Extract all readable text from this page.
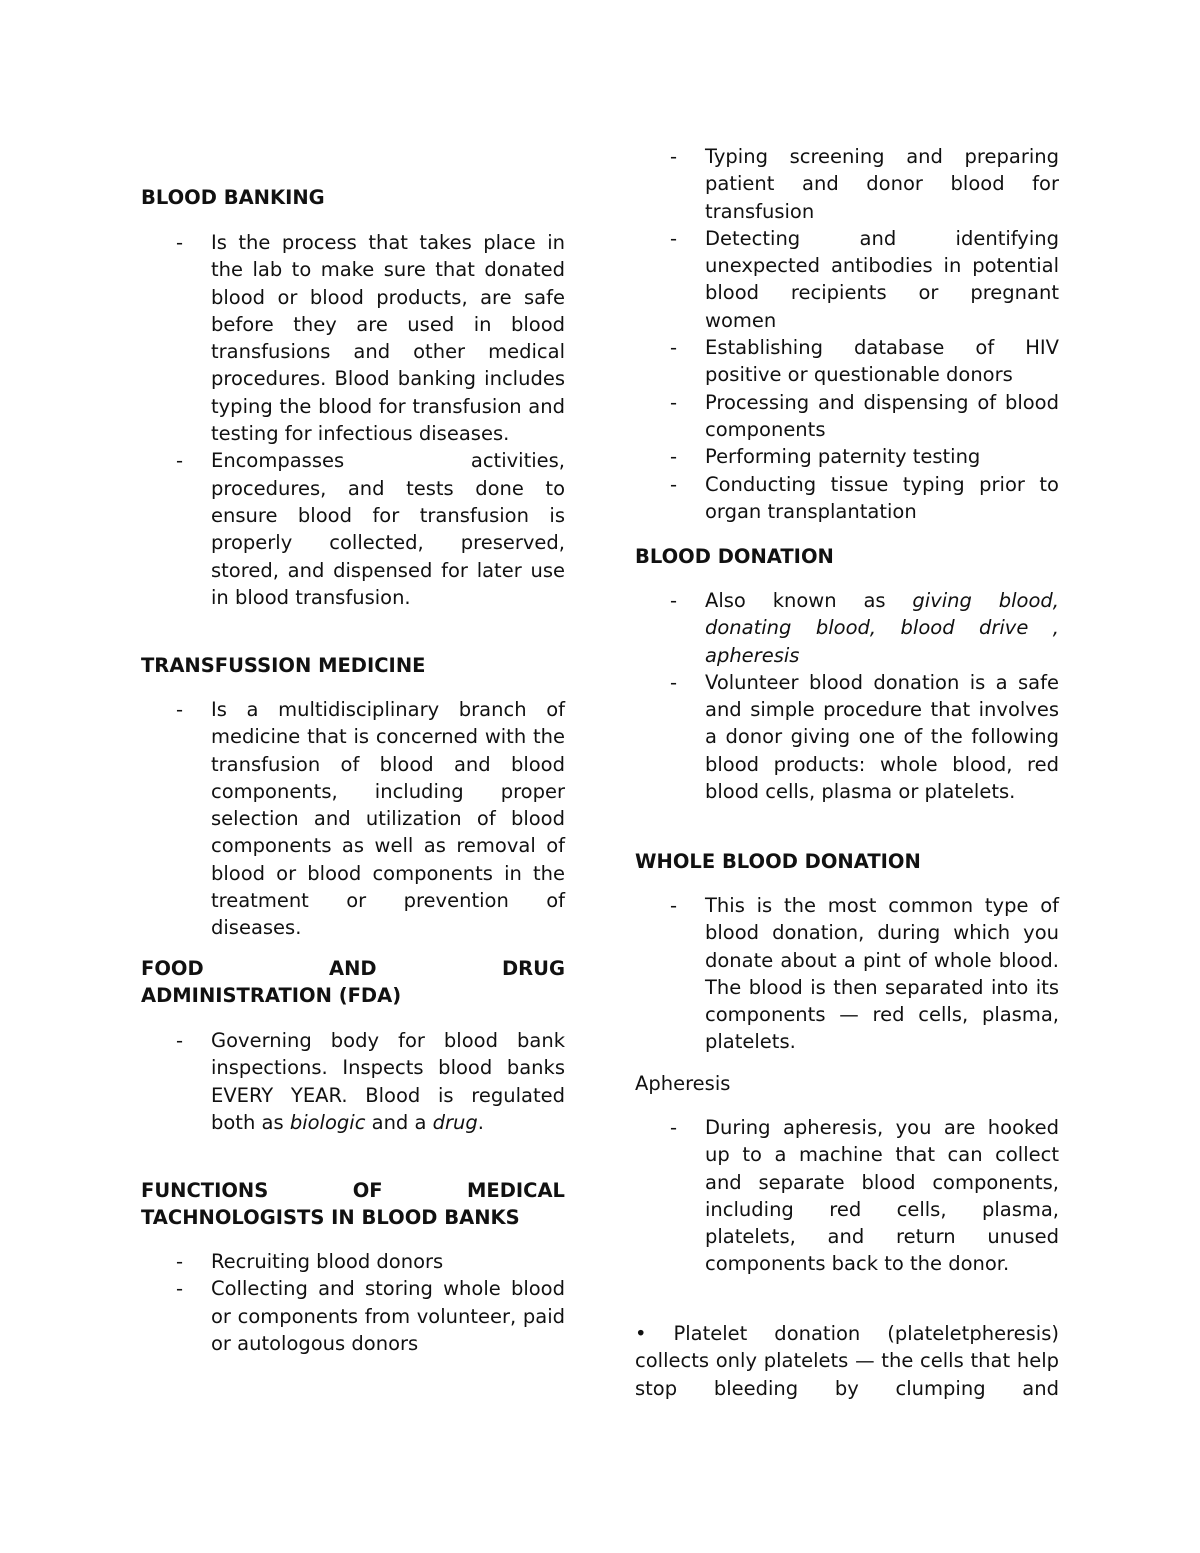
BLOOD BANKING
- Is the process that takes place in the lab to make sure that donated blood or blood products, are safe before they are used in blood transfusions and other medical procedures. Blood banking includes typing the blood for transfusion and testing for infectious diseases.
- Encompasses activities, procedures, and tests done to ensure blood for transfusion is properly collected, preserved, stored, and dispensed for later use in blood transfusion.
TRANSFUSSION MEDICINE
- Is a multidisciplinary branch of medicine that is concerned with the transfusion of blood and blood components, including proper selection and utilization of blood components as well as removal of blood or blood components in the treatment or prevention of diseases.
FOOD AND DRUG
ADMINISTRATION (FDA)
- Governing body for blood bank inspections. Inspects blood banks EVERY YEAR. Blood is regulated both as biologic and a drug.
FUNCTIONS OF MEDICAL
TACHNOLOGISTS IN BLOOD BANKS
- Recruiting blood donors
- Collecting and storing whole blood or components from volunteer, paid or autologous donors
- Typing screening and preparing patient and donor blood for transfusion
- Detecting and identifying unexpected antibodies in potential blood recipients or pregnant women
- Establishing database of HIV positive or questionable donors
- Processing and dispensing of blood components
- Performing paternity testing
- Conducting tissue typing prior to organ transplantation
BLOOD DONATION
- Also known as giving blood, donating blood, blood drive , apheresis
- Volunteer blood donation is a safe and simple procedure that involves a donor giving one of the following blood products: whole blood, red blood cells, plasma or platelets.
WHOLE BLOOD DONATION
- This is the most common type of blood donation, during which you donate about a pint of whole blood. The blood is then separated into its components — red cells, plasma, platelets.
Apheresis
- During apheresis, you are hooked up to a machine that can collect and separate blood components, including red cells, plasma, platelets, and return unused components back to the donor.

• Platelet donation (plateletpheresis) collects only platelets — the cells that help stop bleeding by clumping and
